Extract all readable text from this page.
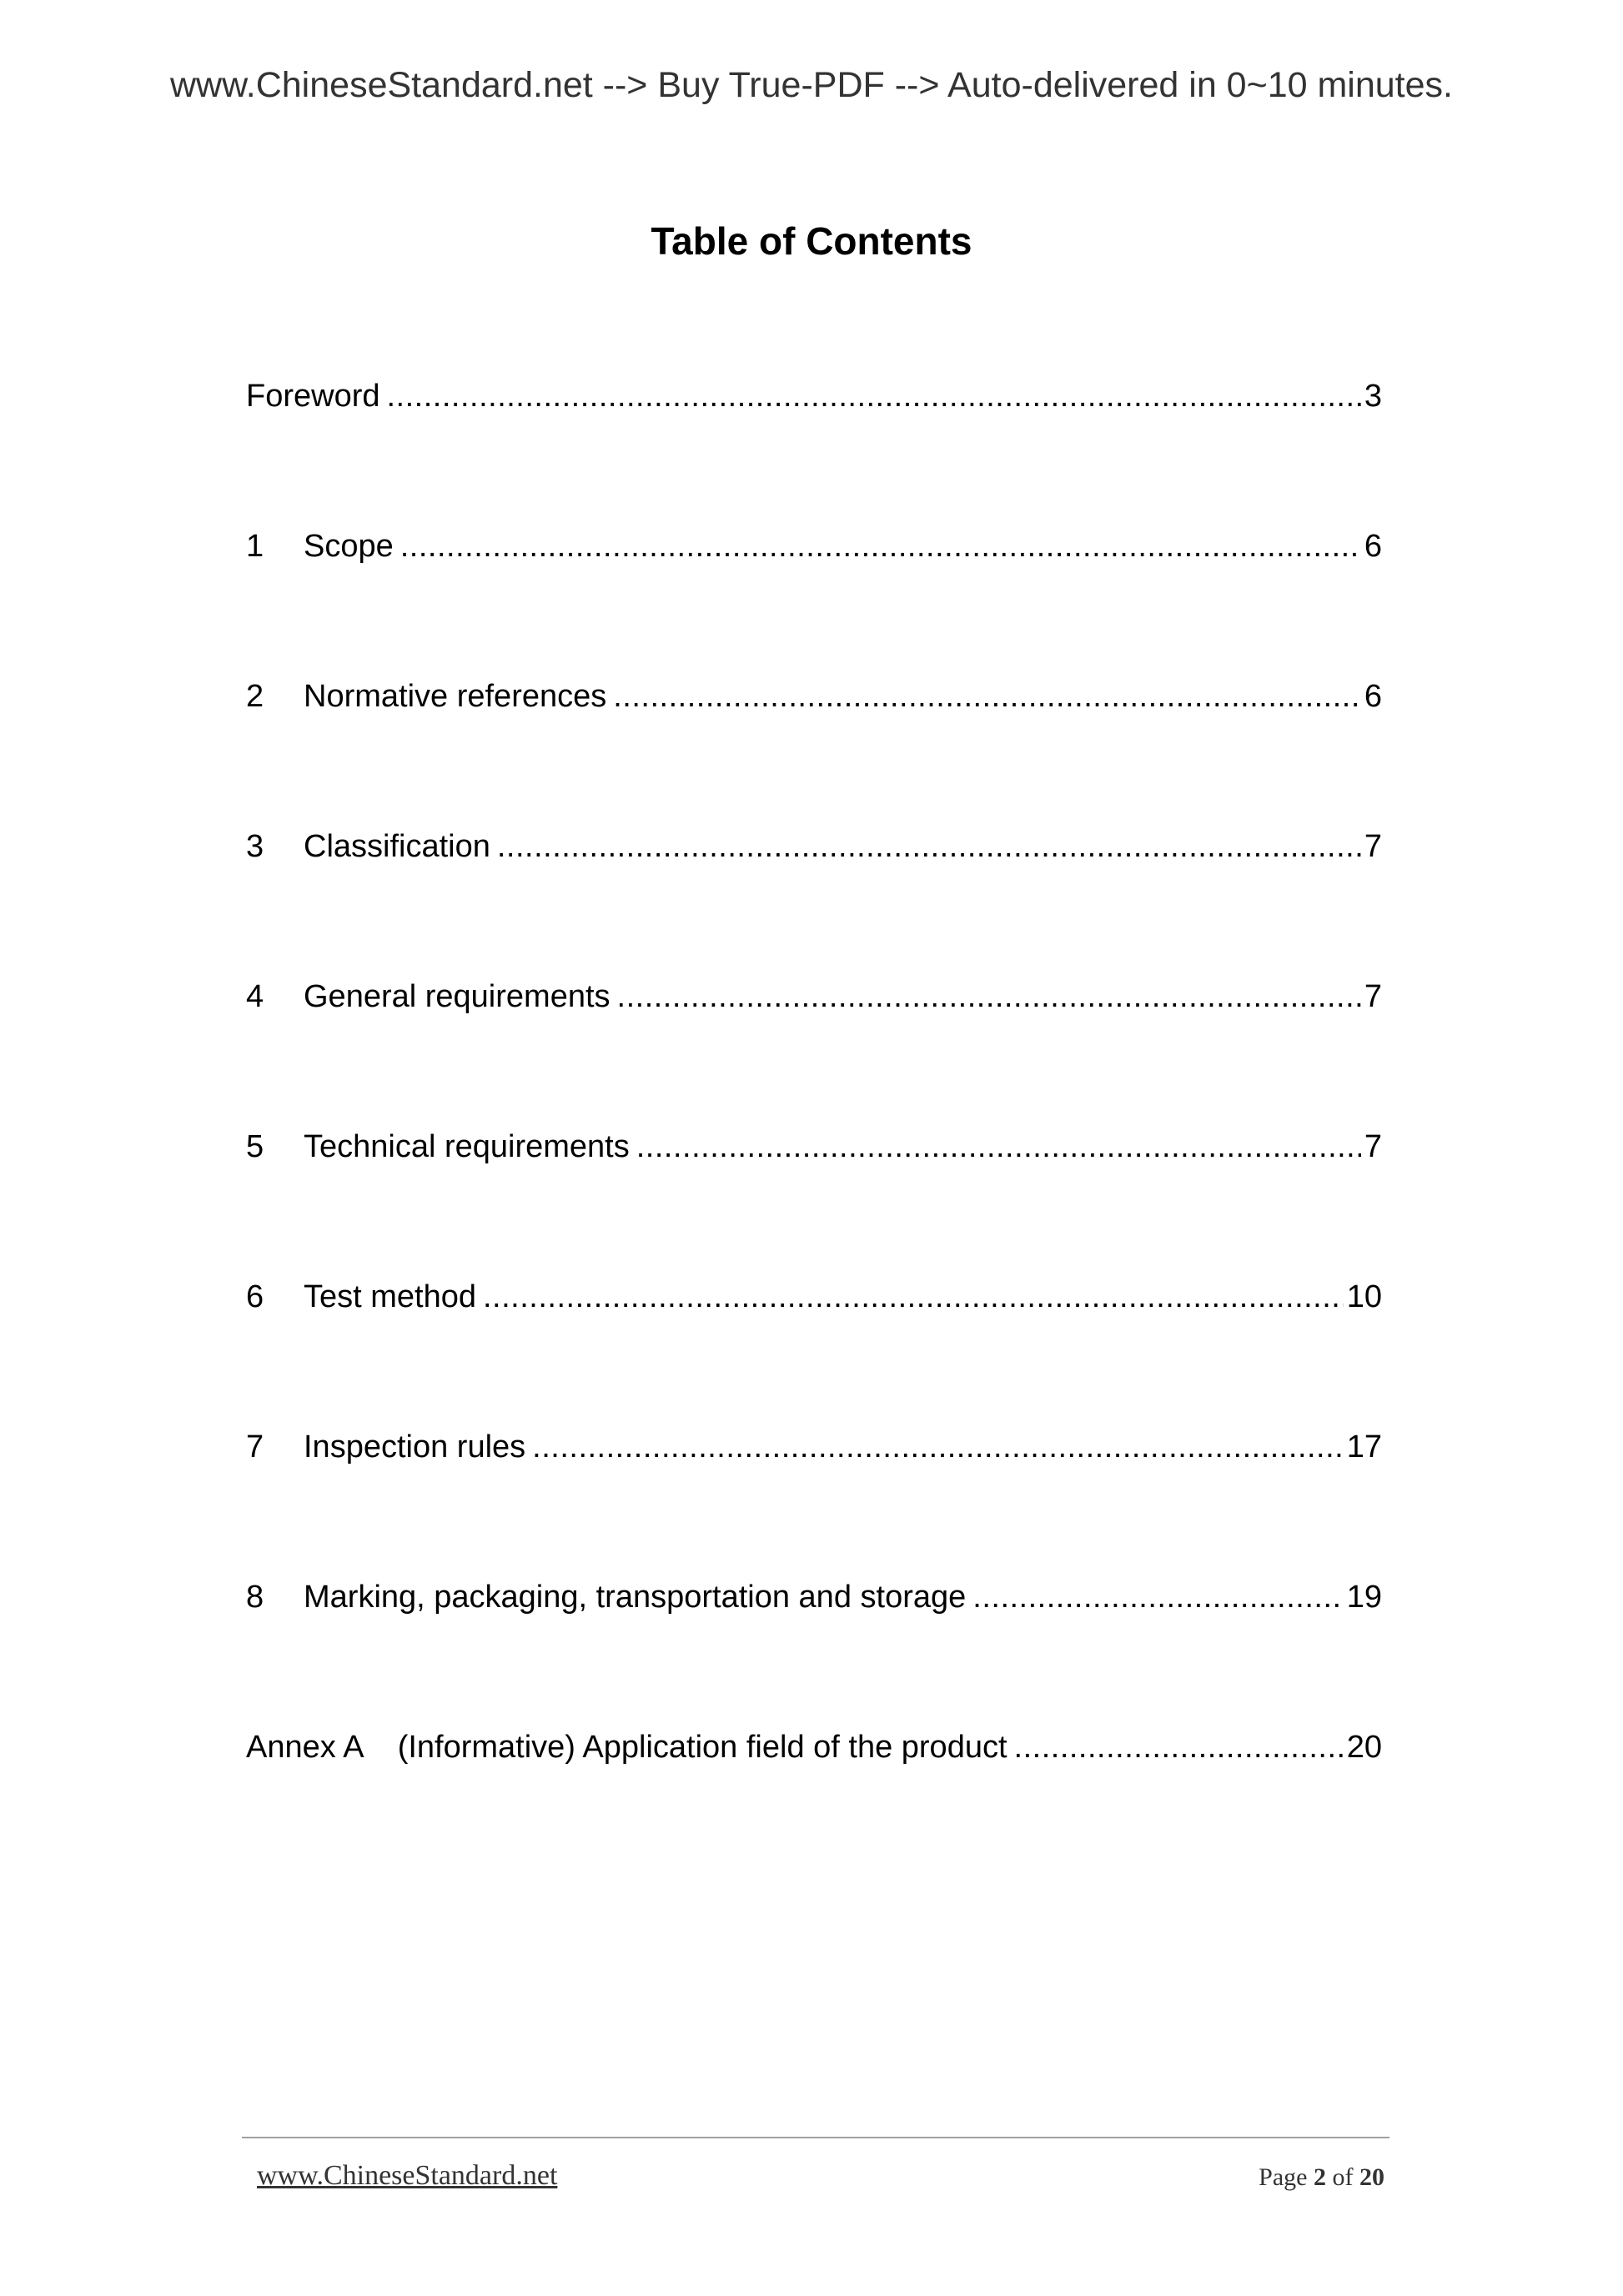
www.ChineseStandard.net --> Buy True-PDF --> Auto-delivered in 0~10 minutes.
Table of Contents
Foreword .....	3
1	Scope .....	6
2	Normative references .....	6
3	Classification .....	7
4	General requirements .....	7
5	Technical requirements .....	7
6	Test method .....	10
7	Inspection rules .....	17
8	Marking, packaging, transportation and storage .....	19
Annex A    (Informative) Application field of the product .....	20
www.ChineseStandard.net	Page 2 of 20
